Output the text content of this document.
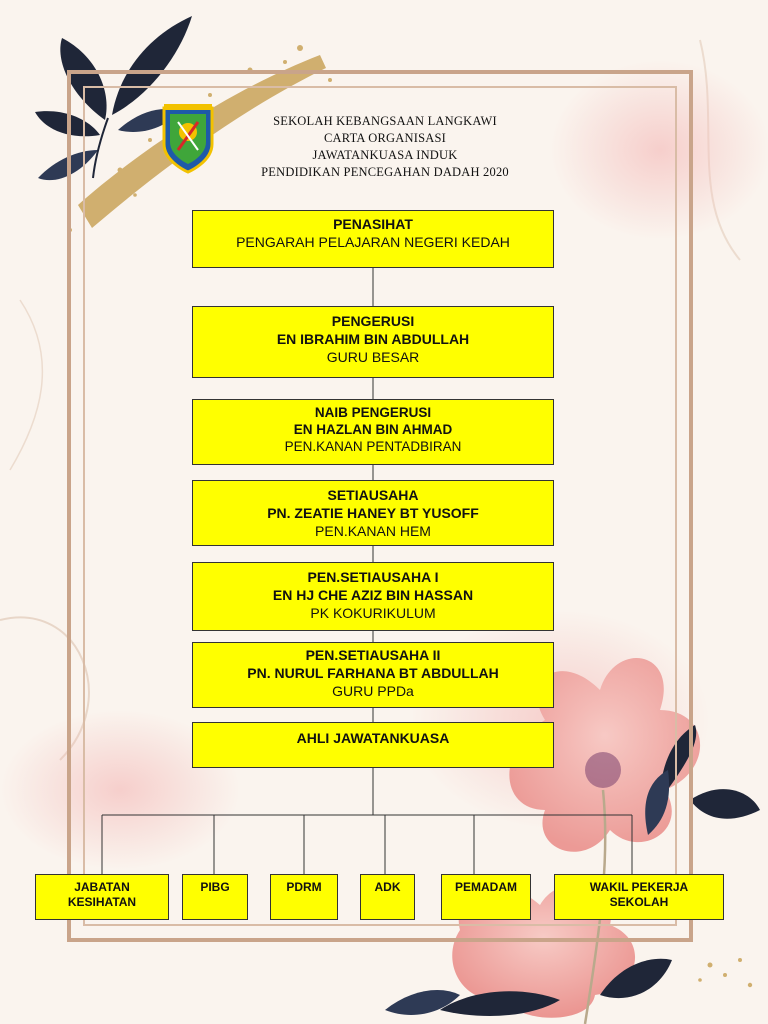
SEKOLAH KEBANGSAAN LANGKAWI
CARTA ORGANISASI
JAWATANKUASA INDUK
PENDIDIKAN PENCEGAHAN DADAH 2020
PENASIHAT
PENGARAH PELAJARAN NEGERI KEDAH
PENGERUSI
EN IBRAHIM BIN ABDULLAH
GURU BESAR
NAIB PENGERUSI
EN HAZLAN BIN AHMAD
PEN.KANAN PENTADBIRAN
SETIAUSAHA
PN. ZEATIE HANEY BT YUSOFF
PEN.KANAN HEM
PEN.SETIAUSAHA I
EN HJ CHE AZIZ BIN HASSAN
PK KOKURIKULUM
PEN.SETIAUSAHA II
PN. NURUL FARHANA BT ABDULLAH
GURU PPDa
AHLI JAWATANKUASA
JABATAN
KESIHATAN
PIBG	PDRM	ADK	PEMADAM	WAKIL PEKERJA
SEKOLAH
